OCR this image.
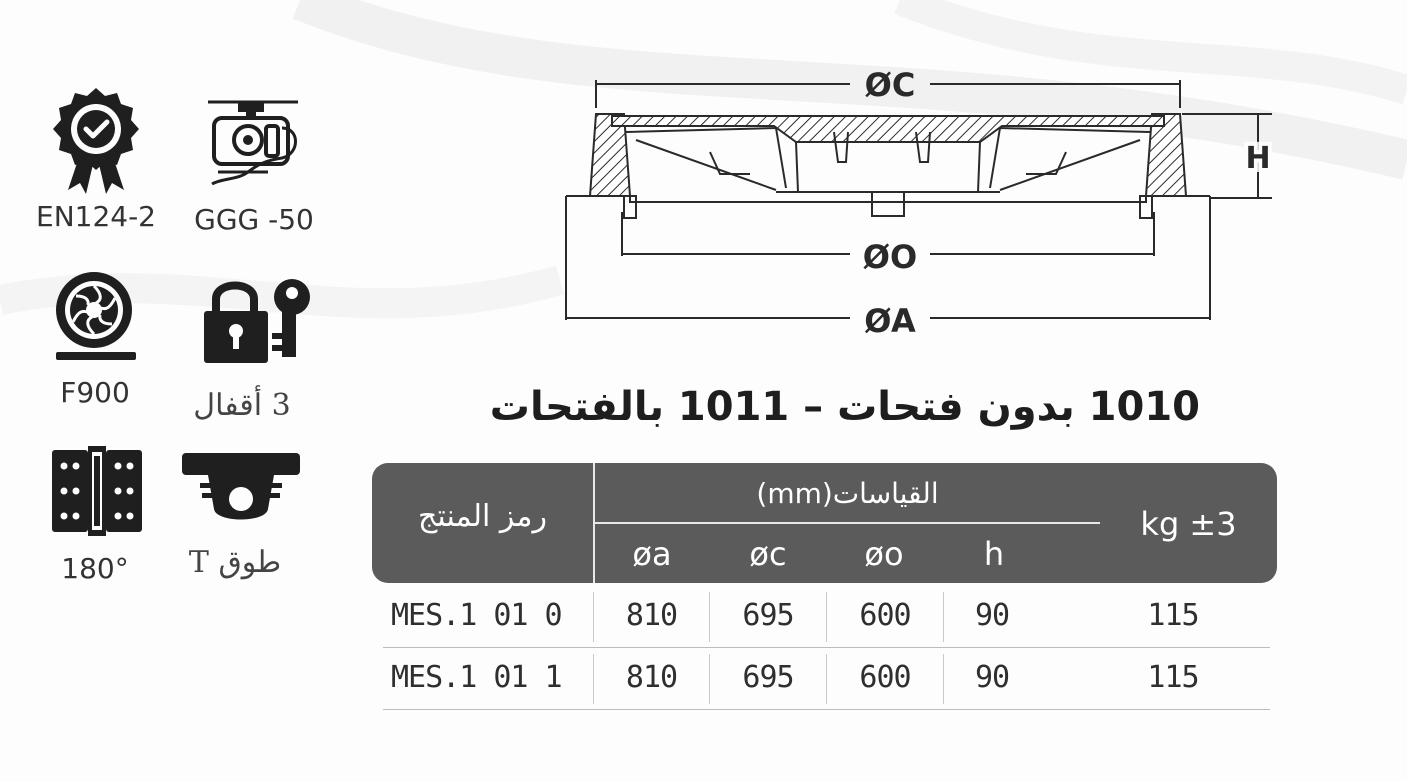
EN124-2	GGG -50
F900	3 أقفال
180°	طوق T
ØC
ØO
ØA
H
1010 بدون فتحات – 1011 بالفتحات
رمز المنتج
القياسات(mm)
øa	øc	øo	h
kg ±3
MES.1 01 0	810	695	600	90	115
MES.1 01 1	810	695	600	90	115
